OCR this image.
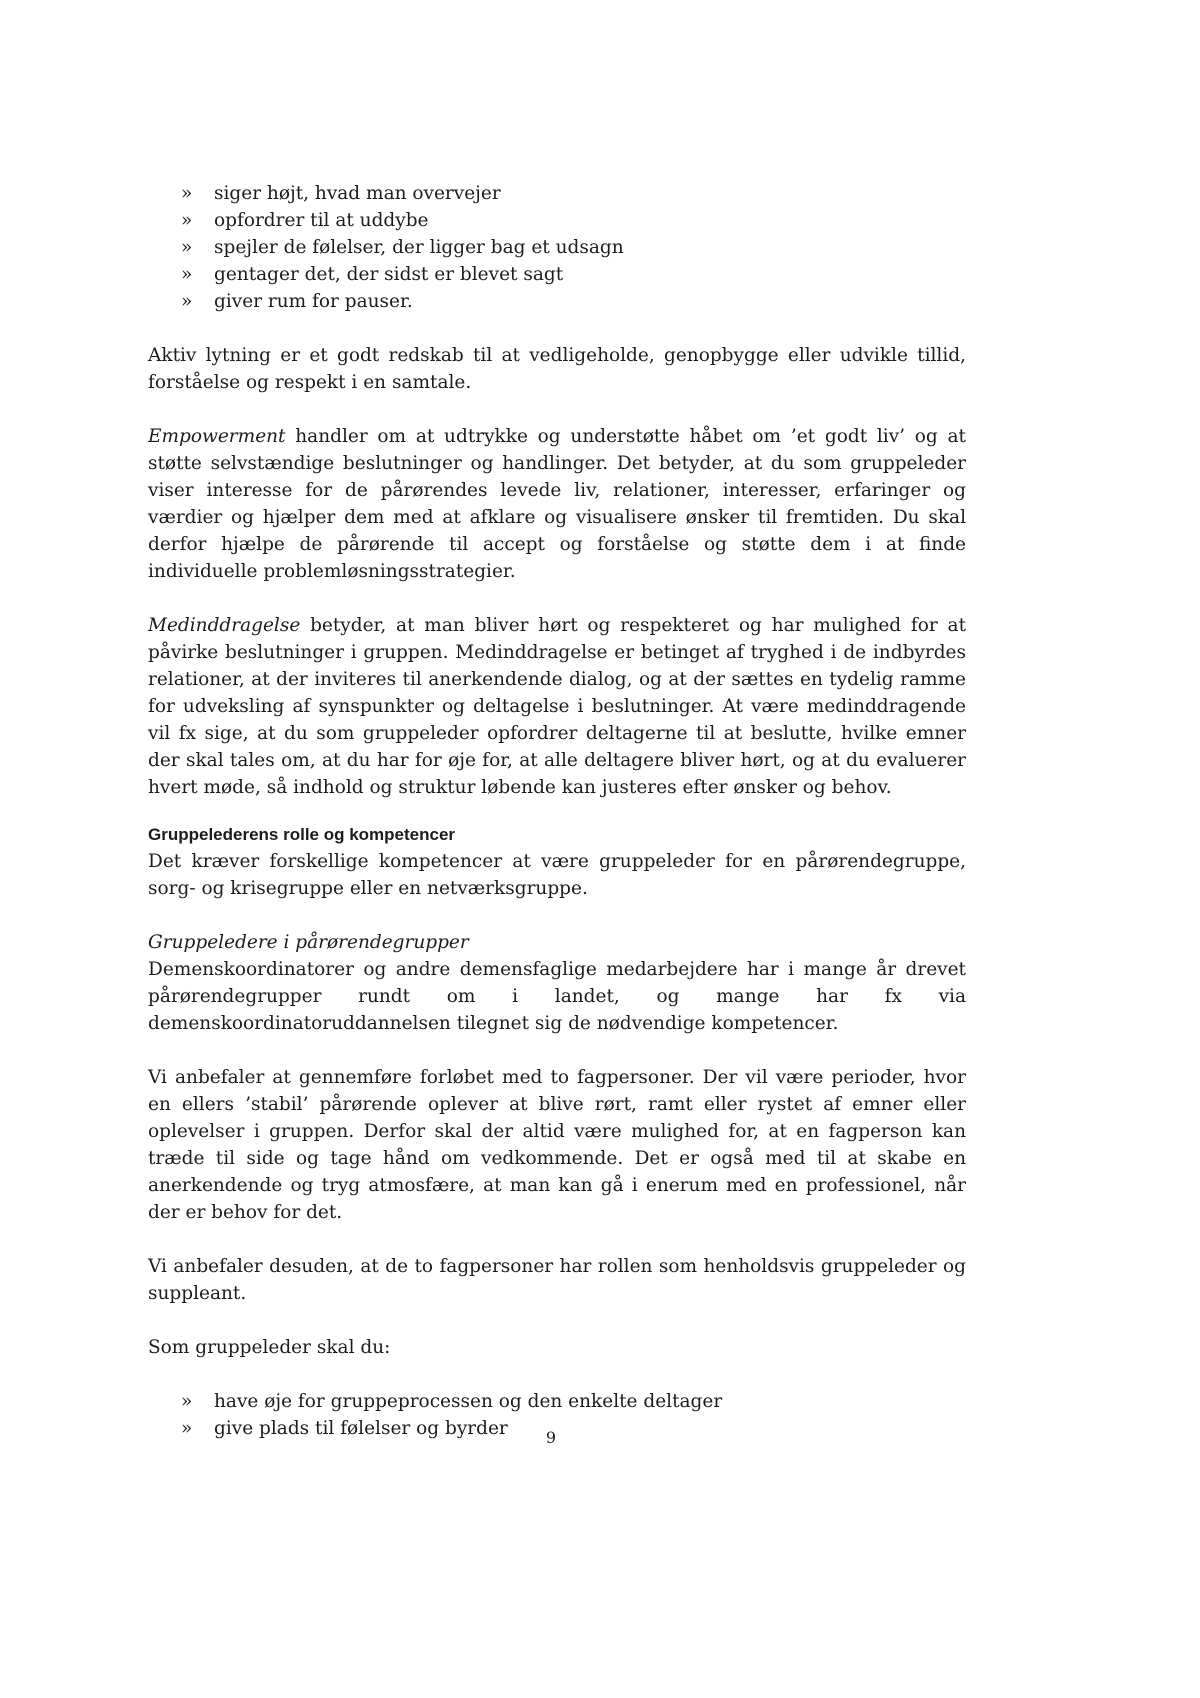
»	siger højt, hvad man overvejer
»	opfordrer til at uddybe
»	spejler de følelser, der ligger bag et udsagn
»	gentager det, der sidst er blevet sagt
»	giver rum for pauser.

Aktiv lytning er et godt redskab til at vedligeholde, genopbygge eller udvikle tillid, forståelse og respekt i en samtale.

Empowerment handler om at udtrykke og understøtte håbet om ’et godt liv’ og at støtte selvstændige beslutninger og handlinger. Det betyder, at du som gruppeleder viser interesse for de pårørendes levede liv, relationer, interesser, erfaringer og værdier og hjælper dem med at afklare og visualisere ønsker til fremtiden. Du skal derfor hjælpe de pårørende til accept og forståelse og støtte dem i at finde individuelle problemløsningsstrategier.

Medinddragelse betyder, at man bliver hørt og respekteret og har mulighed for at påvirke beslutninger i gruppen. Medinddragelse er betinget af tryghed i de indbyrdes relationer, at der inviteres til anerkendende dialog, og at der sættes en tydelig ramme for udveksling af synspunkter og deltagelse i beslutninger. At være medinddragende vil fx sige, at du som gruppeleder opfordrer deltagerne til at beslutte, hvilke emner der skal tales om, at du har for øje for, at alle deltagere bliver hørt, og at du evaluerer hvert møde, så indhold og struktur løbende kan justeres efter ønsker og behov.

Gruppelederens rolle og kompetencer

Det kræver forskellige kompetencer at være gruppeleder for en pårørendegruppe, sorg- og krisegruppe eller en netværksgruppe.

Gruppeledere i pårørendegrupper

Demenskoordinatorer og andre demensfaglige medarbejdere har i mange år drevet pårørendegrupper rundt om i landet, og mange har fx via demenskoordinatoruddannelsen tilegnet sig de nødvendige kompetencer.

Vi anbefaler at gennemføre forløbet med to fagpersoner. Der vil være perioder, hvor en ellers ’stabil’ pårørende oplever at blive rørt, ramt eller rystet af emner eller oplevelser i gruppen. Derfor skal der altid være mulighed for, at en fagperson kan træde til side og tage hånd om vedkommende. Det er også med til at skabe en anerkendende og tryg atmosfære, at man kan gå i enerum med en professionel, når der er behov for det.

Vi anbefaler desuden, at de to fagpersoner har rollen som henholdsvis gruppeleder og suppleant.

Som gruppeleder skal du:

»	have øje for gruppeprocessen og den enkelte deltager
»	give plads til følelser og byrder	9
